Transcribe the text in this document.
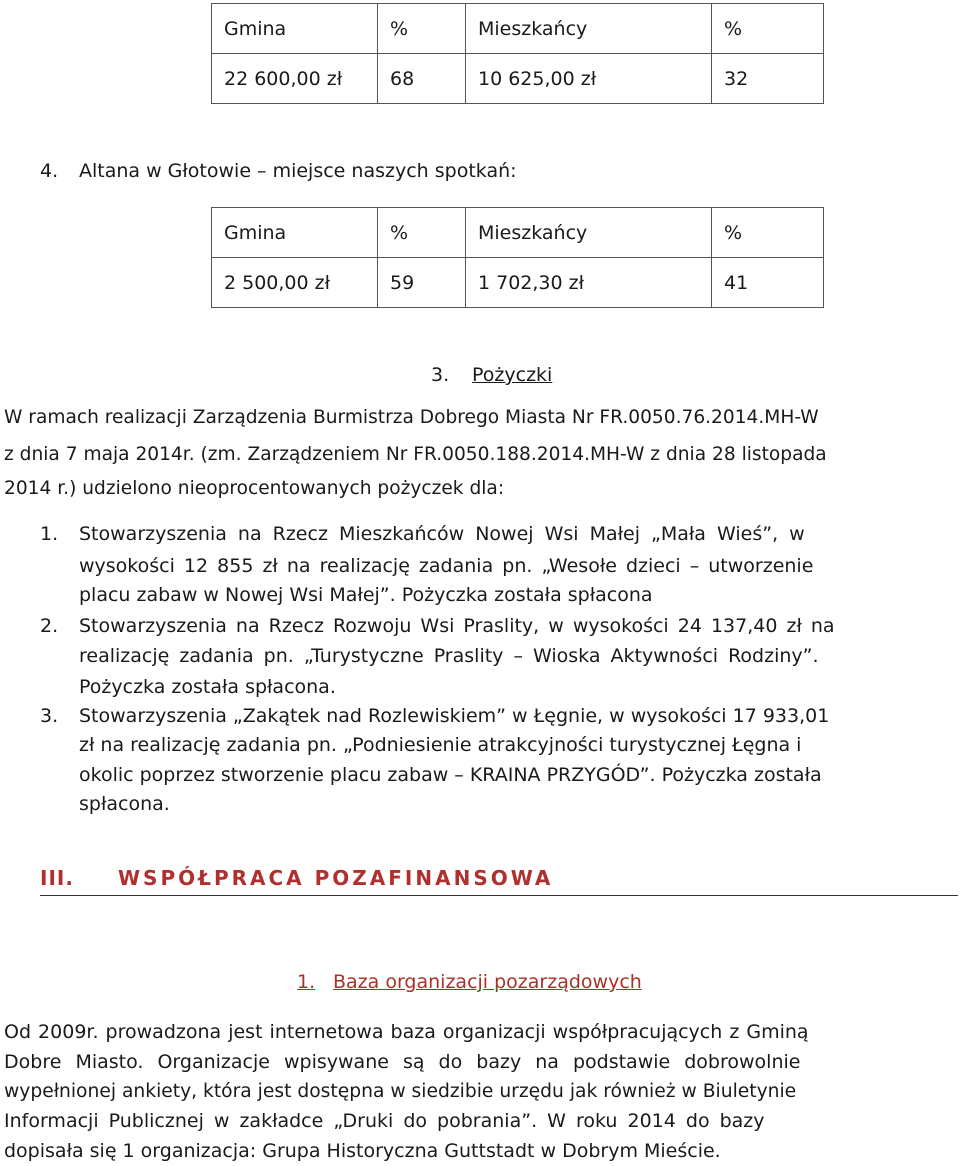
Gmina	%	Mieszkańcy	%
22 600,00 zł	68	10 625,00 zł	32
4. Altana w Głotowie – miejsce naszych spotkań:
Gmina	%	Mieszkańcy	%
2 500,00 zł	59	1 702,30 zł	41
3. Pożyczki
W ramach realizacji Zarządzenia Burmistrza Dobrego Miasta Nr FR.0050.76.2014.MH-W
z dnia 7 maja 2014r. (zm. Zarządzeniem Nr FR.0050.188.2014.MH-W z dnia 28 listopada
2014 r.) udzielono nieoprocentowanych pożyczek dla:
1. Stowarzyszenia na Rzecz Mieszkańców Nowej Wsi Małej „Mała Wieś”, w
wysokości 12 855 zł na realizację zadania pn. „Wesołe dzieci – utworzenie
placu zabaw w Nowej Wsi Małej”. Pożyczka została spłacona
2. Stowarzyszenia na Rzecz Rozwoju Wsi Praslity, w wysokości 24 137,40 zł na
realizację zadania pn. „Turystyczne Praslity – Wioska Aktywności Rodziny”.
Pożyczka została spłacona.
3. Stowarzyszenia „Zakątek nad Rozlewiskiem” w Łęgnie, w wysokości 17 933,01
zł na realizację zadania pn. „Podniesienie atrakcyjności turystycznej Łęgna i
okolic poprzez stworzenie placu zabaw – KRAINA PRZYGÓD”. Pożyczka została
spłacona.
III. WSPÓŁPRACA POZAFINANSOWA
1. Baza organizacji pozarządowych
Od 2009r. prowadzona jest internetowa baza organizacji współpracujących z Gminą
Dobre Miasto. Organizacje wpisywane są do bazy na podstawie dobrowolnie
wypełnionej ankiety, która jest dostępna w siedzibie urzędu jak również w Biuletynie
Informacji Publicznej w zakładce „Druki do pobrania”. W roku 2014 do bazy
dopisała się 1 organizacja: Grupa Historyczna Guttstadt w Dobrym Mieście.
